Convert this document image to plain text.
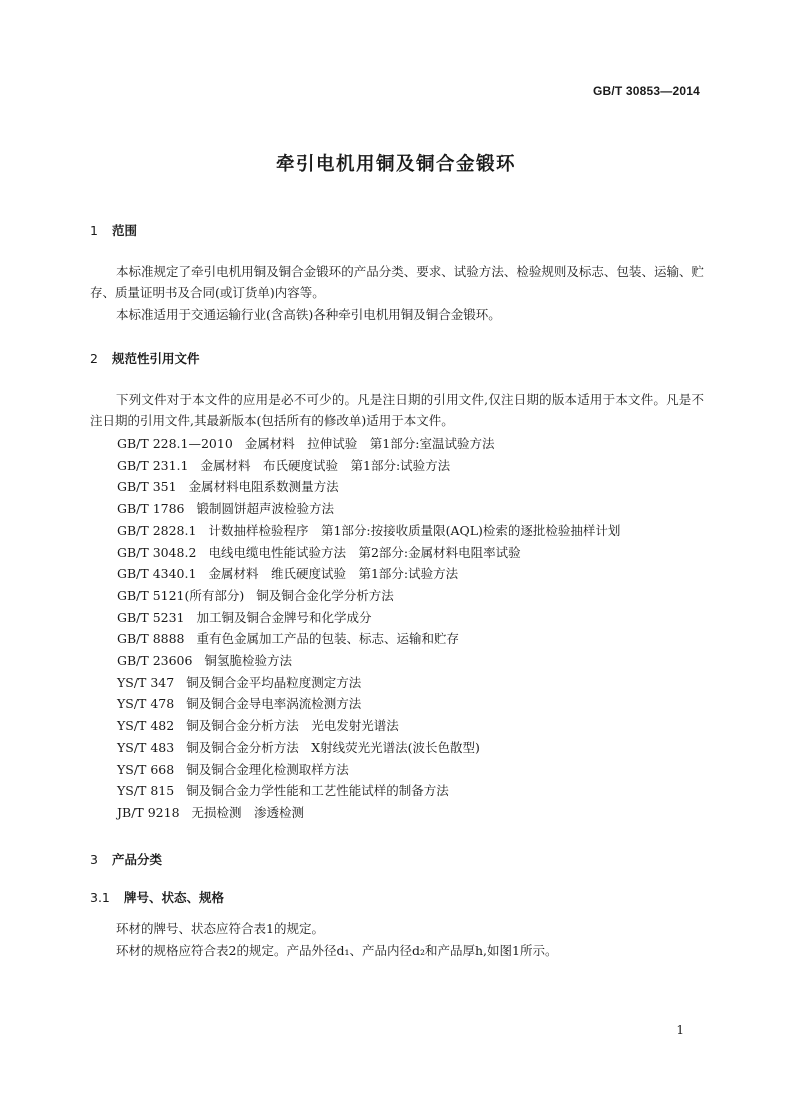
GB/T 30853—2014
牵引电机用铜及铜合金锻环
1 范围
本标准规定了牵引电机用铜及铜合金锻环的产品分类、要求、试验方法、检验规则及标志、包装、运输、贮存、质量证明书及合同(或订货单)内容等。
本标准适用于交通运输行业(含高铁)各种牵引电机用铜及铜合金锻环。
2 规范性引用文件
下列文件对于本文件的应用是必不可少的。凡是注日期的引用文件,仅注日期的版本适用于本文件。凡是不注日期的引用文件,其最新版本(包括所有的修改单)适用于本文件。
GB/T 228.1—2010 金属材料　拉伸试验　第1部分:室温试验方法
GB/T 231.1 金属材料　布氏硬度试验　第1部分:试验方法
GB/T 351 金属材料电阻系数测量方法
GB/T 1786 锻制圆饼超声波检验方法
GB/T 2828.1 计数抽样检验程序　第1部分:按接收质量限(AQL)检索的逐批检验抽样计划
GB/T 3048.2 电线电缆电性能试验方法　第2部分:金属材料电阻率试验
GB/T 4340.1 金属材料　维氏硬度试验　第1部分:试验方法
GB/T 5121(所有部分) 铜及铜合金化学分析方法
GB/T 5231 加工铜及铜合金牌号和化学成分
GB/T 8888 重有色金属加工产品的包装、标志、运输和贮存
GB/T 23606 铜氢脆检验方法
YS/T 347 铜及铜合金平均晶粒度测定方法
YS/T 478 铜及铜合金导电率涡流检测方法
YS/T 482 铜及铜合金分析方法　光电发射光谱法
YS/T 483 铜及铜合金分析方法　X射线荧光光谱法(波长色散型)
YS/T 668 铜及铜合金理化检测取样方法
YS/T 815 铜及铜合金力学性能和工艺性能试样的制备方法
JB/T 9218 无损检测　渗透检测
3 产品分类
3.1 牌号、状态、规格
环材的牌号、状态应符合表1的规定。
环材的规格应符合表2的规定。产品外径d₁、产品内径d₂和产品厚h,如图1所示。
1
